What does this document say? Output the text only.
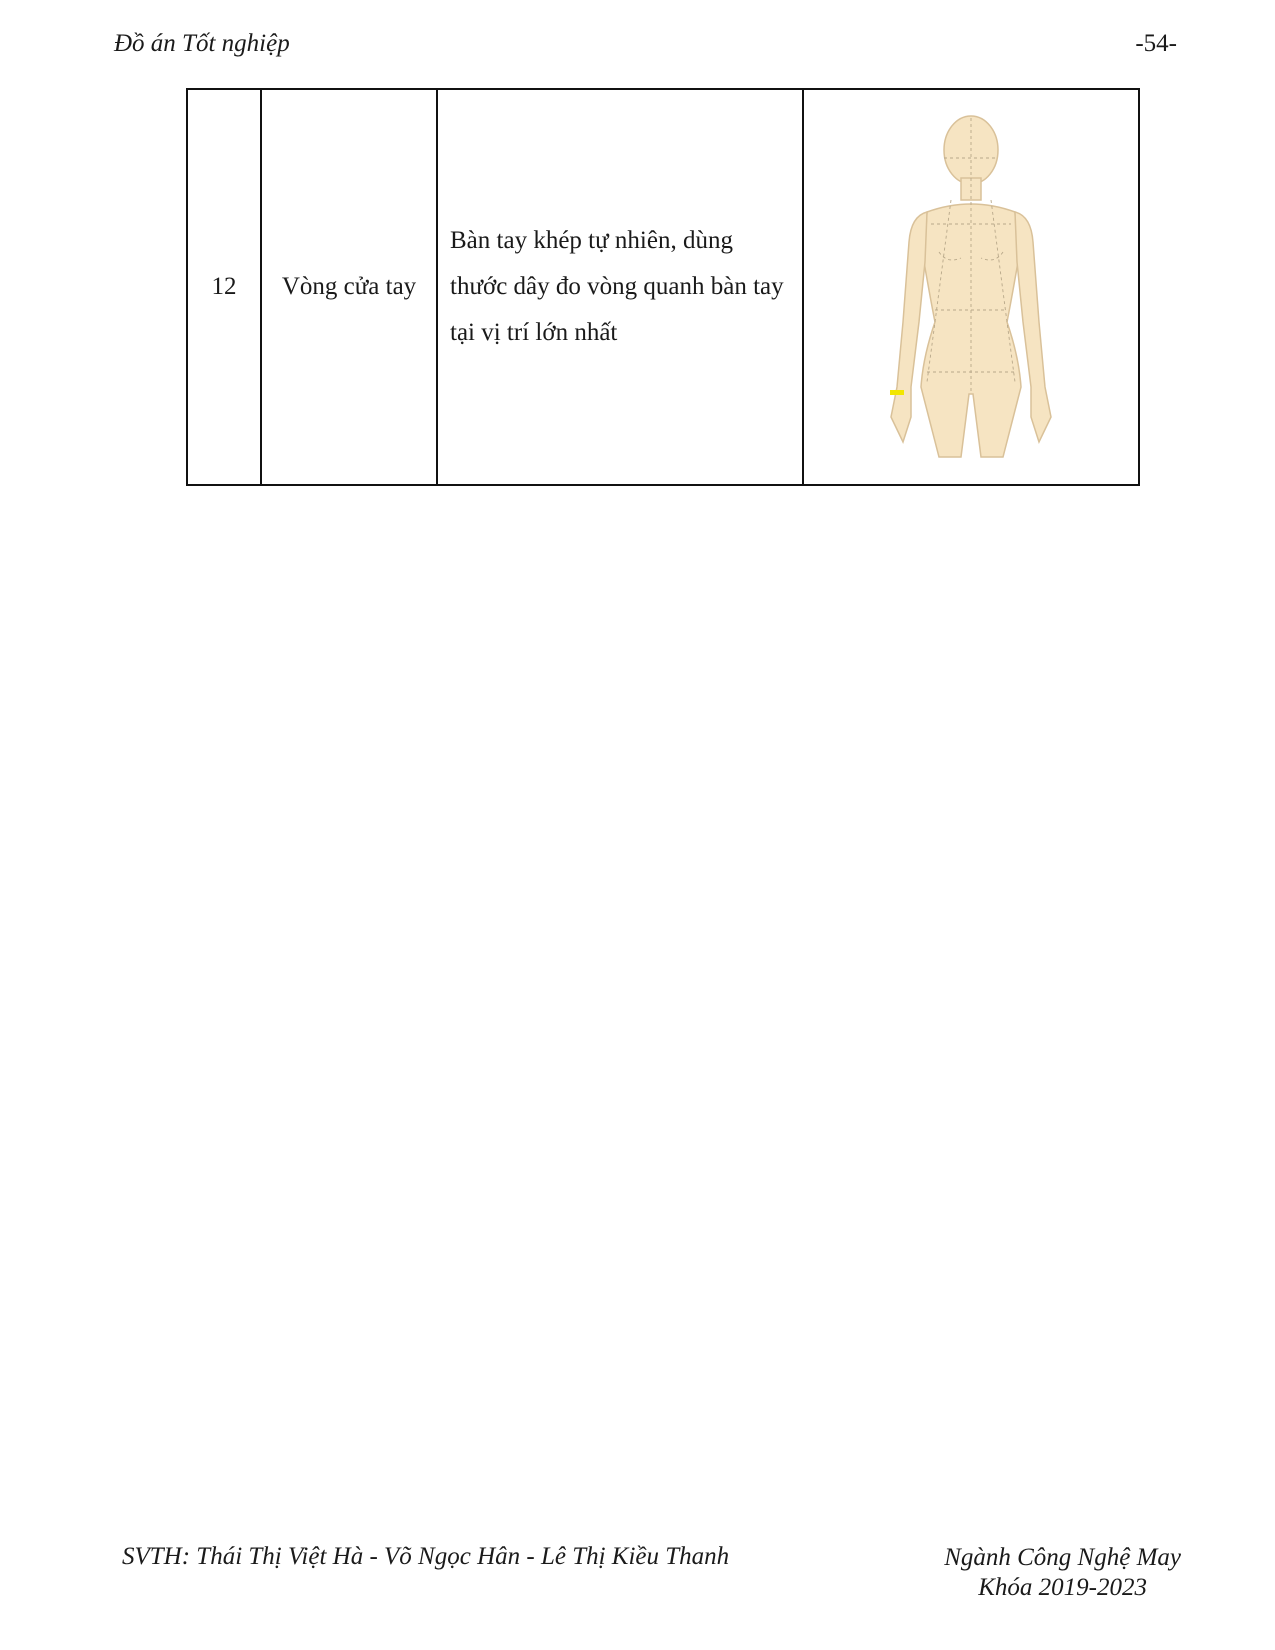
Đồ án Tốt nghiệp	-54-
12	Vòng cửa tay	Bàn tay khép tự nhiên, dùng thước dây đo vòng quanh bàn tay tại vị trí lớn nhất	
SVTH: Thái Thị Việt Hà - Võ Ngọc Hân - Lê Thị Kiều Thanh	Ngành Công Nghệ May
Khóa 2019-2023
